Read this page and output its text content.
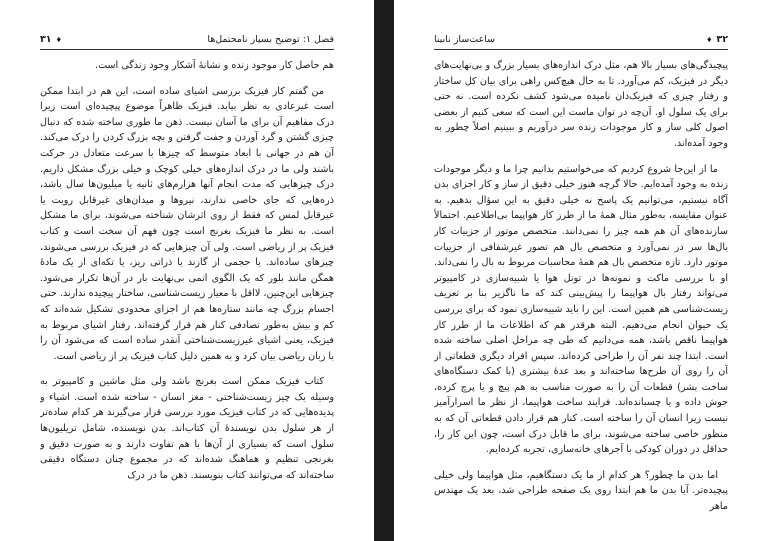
فصل ۱: توضیح بسیار نامحتمل‌ها
♦۳۱

هم حاصل کار موجود زنده و نشانهٔ آشکار وجود زندگی است.

من گفتم کار فیزیک بررسی اشیای ساده است، این هم در ابتدا ممکن است غیرعادی به نظر بیاید. فیزیک ظاهراً موضوع پیچیده‌ای است زیرا درک مفاهیم آن برای ما آسان نیست. ذهن ما طوری ساخته شده که دنبال چیزی گشتن و گرد آوردن و جفت گرفتن و بچه بزرگ کردن را درک می‌کند. آن هم در جهانی با ابعاد متوسط که چیزها با سرعت متعادل در حرکت باشند ولی ما در درک اندازه‌های خیلی کوچک و خیلی بزرگ مشکل داریم. درک چیزهایی که مدت انجام آنها هزارم‌های ثانیه یا میلیون‌ها سال باشد، ذره‌هایی که جای خاصی ندارند، نیروها و میدان‌های غیرقابل رویت یا غیرقابل لمس که فقط از روی اثرشان شناخته می‌شوند، برای ما مشکل است. به نظر ما فیزیک بغرنج است چون فهم آن سخت است و کتاب فیزیک پر از ریاضی است. ولی آن چیزهایی که در فیزیک بررسی می‌شوند، چیزهای ساده‌اند. یا حجمی از گازند یا ذراتی ریز، یا تکه‌ای از یک مادهٔ همگن مانند بلور که یک الگوی اتمی بی‌نهایت بار در آن‌ها تکرار می‌شود. چیزهایی این‌چنین، لااقل با معیار زیست‌شناسی، ساختار پیچیده ندارند. حتی اجسام بزرگ چه مانند ستاره‌ها هم از اجزای محدودی تشکیل شده‌اند که کم و بیش به‌طور تصادفی کنار هم قرار گرفته‌اند. رفتار اشیای مربوط به فیزیک، یعنی اشیای غیرزیست‌شناختی آنقدر ساده است که می‌شود آن را با زبان ریاضی بیان کرد و به همین دلیل کتاب فیزیک پر از ریاضی است.

کتاب فیزیک ممکن است بغرنج باشد ولی مثل ماشین و کامپیوتر به وسیله یک چیز زیست‌شناختی - مغز انسان - ساخته شده است. اشیاء و پدیده‌هایی که در کتاب فیزیک مورد بررسی قرار می‌گیرند هر کدام ساده‌تر از هر سلول بدن نویسندهٔ آن کتاب‌اند. بدن نویسنده، شامل تریلیون‌ها سلول است که بسیاری از آن‌ها با هم تفاوت دارند و به صورت دقیق و بغرنجی تنظیم و هماهنگ شده‌اند که در مجموع چنان دستگاه دقیقی ساخته‌اند که می‌توانند کتاب بنویسند. ذهن ما در درک

۳۲♦
ساعت‌ساز نابینا

پیچیدگی‌های بسیار بالا هم، مثل درک اندازه‌های بسیار بزرگ و بی‌نهایت‌های دیگر در فیزیک، کم می‌آورد. تا به حال هیچ‌کس راهی برای بیان کل ساختار و رفتار چیزی که فیزیک‌دان نامیده می‌شود کشف نکرده است. نه حتی برای یک سلول او. آن‌چه در توان ماست این است که سعی کنیم از بعضی اصول کلی ساز و کار موجودات زنده سر درآوریم و ببینیم اصلاً چطور به وجود آمده‌اند.

ما از این‌جا شروع کردیم که می‌خواستیم بدانیم چرا ما و دیگر موجودات زنده به وجود آمده‌ایم. حالا گرچه هنوز خیلی دقیق از ساز و کار اجزای بدن آگاه نیستیم، می‌توانیم یک پاسخ نه خیلی دقیق به این سؤال بدهیم. به عنوان مقایسه، به‌طور مثال همهٔ ما از طرز کار هواپیما بی‌اطلاعیم. احتمالاً سازنده‌های آن هم همه چیز را نمی‌دانند. متخصص موتور از جزییات کار بال‌ها سر در نمی‌آورد و متخصص بال هم تصور غیرشفافی از جزییات موتور دارد. تازه متخصص بال هم همهٔ محاسبات مربوط به بال را نمی‌داند. او با بررسی ماکت و نمونه‌ها در تونل هوا یا شبیه‌سازی در کامپیوتر می‌تواند رفتار بال هواپیما را پیش‌بینی کند که ما ناگزیر بنا بر تعریف زیست‌شناسی هم همین است. این را باید شبیه‌سازی نمود که برای بررسی یک حیوان انجام می‌دهیم. البته هرقدر هم که اطلاعات ما از طرز کار هواپیما ناقص باشد، همه می‌دانیم که طی چه مراحل اصلی ساخته شده است. ابتدا چند نفر آن را طراحی کرده‌اند. سپس افراد دیگری قطعاتی از آن را روی آن طرح‌ها ساخته‌اند و بعد عدهٔ بیشتری (با کمک دستگاه‌های ساخت بشر) قطعات آن را به صورت مناسب به هم پیچ و یا پرچ کرده، جوش داده و یا چسبانده‌اند. فرایند ساخت هواپیما، از نظر ما اسرارآمیز نیست زیرا انسان آن را ساخته است. کنار هم قرار دادن قطعاتی آن که به منظور خاصی ساخته می‌شوند، برای ما قابل درک است، چون این کار را، حداقل در دوران کودکی با آجرهای خانه‌سازی، تجربه کرده‌ایم.

اما بدن ما چطور؟ هر کدام از ما یک دستگاهیم، مثل هواپیما ولی خیلی پیچیده‌تر. آیا بدن ما هم ابتدا روی یک صفحه طراحی شد، بعد یک مهندس ماهر
